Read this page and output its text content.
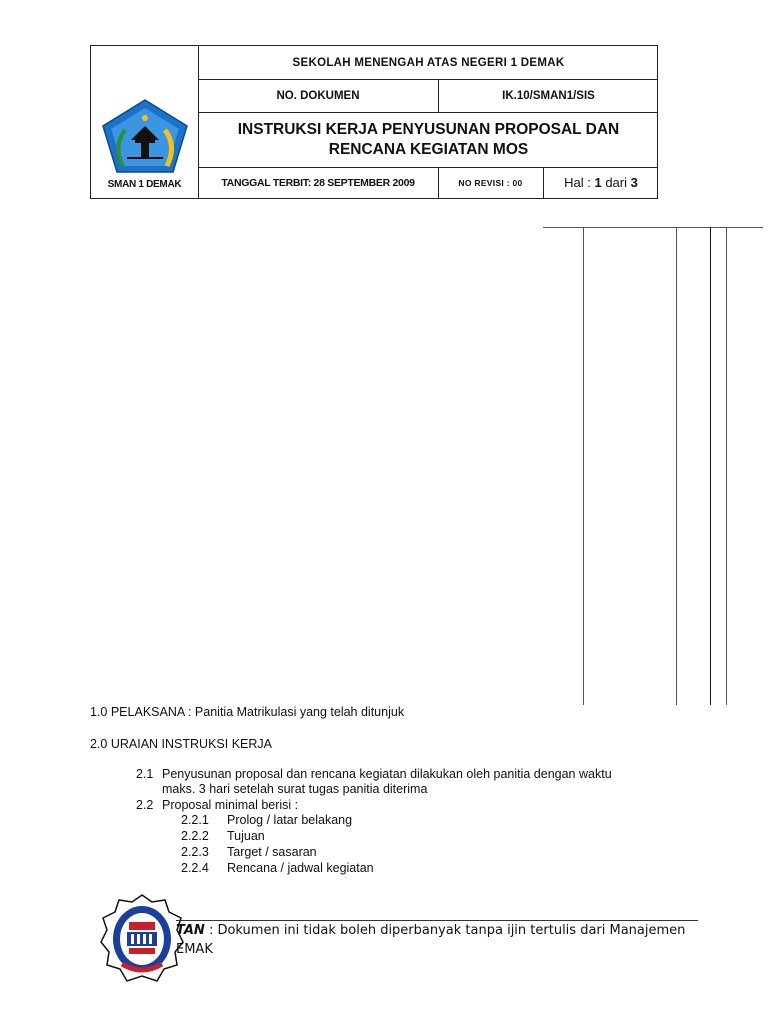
SMAN 1 DEMAK
SEKOLAH MENENGAH ATAS NEGERI 1 DEMAK
NO. DOKUMEN	IK.10/SMAN1/SIS
INSTRUKSI KERJA PENYUSUNAN PROPOSAL DAN
RENCANA KEGIATAN MOS
TANGGAL TERBIT: 28 SEPTEMBER 2009	NO REVISI : 00	Hal : 1 dari 3
1.0 PELAKSANA : Panitia Matrikulasi yang telah ditunjuk
2.0 URAIAN INSTRUKSI KERJA
2.1 Penyusunan proposal dan rencana kegiatan dilakukan oleh panitia dengan waktu
maks. 3 hari setelah surat tugas panitia diterima
2.2 Proposal minimal berisi :
2.2.1 Prolog / latar belakang
2.2.2 Tujuan
2.2.3 Target / sasaran
2.2.4 Rencana / jadwal kegiatan
TAN : Dokumen ini tidak boleh diperbanyak tanpa ijin tertulis dari Manajemen
EMAK
